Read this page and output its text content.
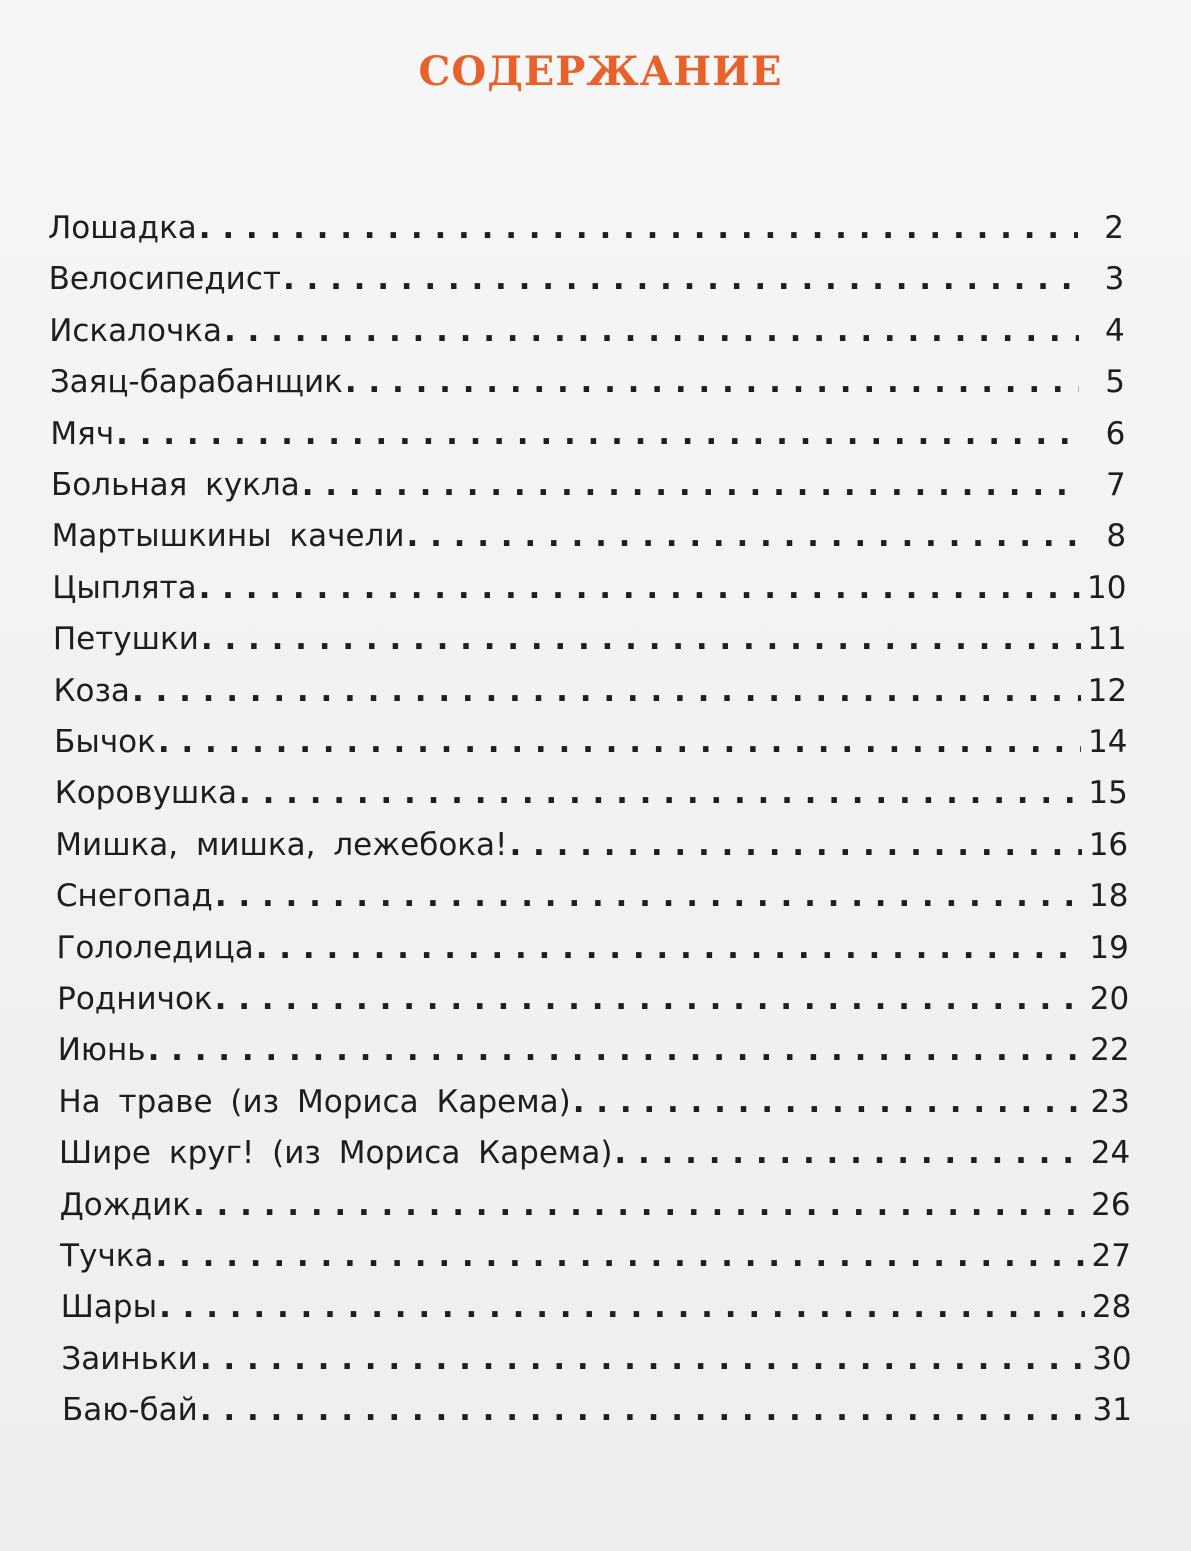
СОДЕРЖАНИЕ
Лошадка . . .	2
Велосипедист . . .	3
Искалочка . . .	4
Заяц-барабанщик . . .	5
Мяч . . .	6
Больная кукла . . .	7
Мартышкины качели . . .	8
Цыплята . . .	10
Петушки . . .	11
Коза . . .	12
Бычок . . .	14
Коровушка . . .	15
Мишка, мишка, лежебока! . . .	16
Снегопад . . .	18
Гололедица . . .	19
Родничок . . .	20
Июнь . . .	22
На траве (из Мориса Карема) . . .	23
Шире круг! (из Мориса Карема) . . .	24
Дождик . . .	26
Тучка . . .	27
Шары . . .	28
Заиньки . . .	30
Баю-бай . . .	31
